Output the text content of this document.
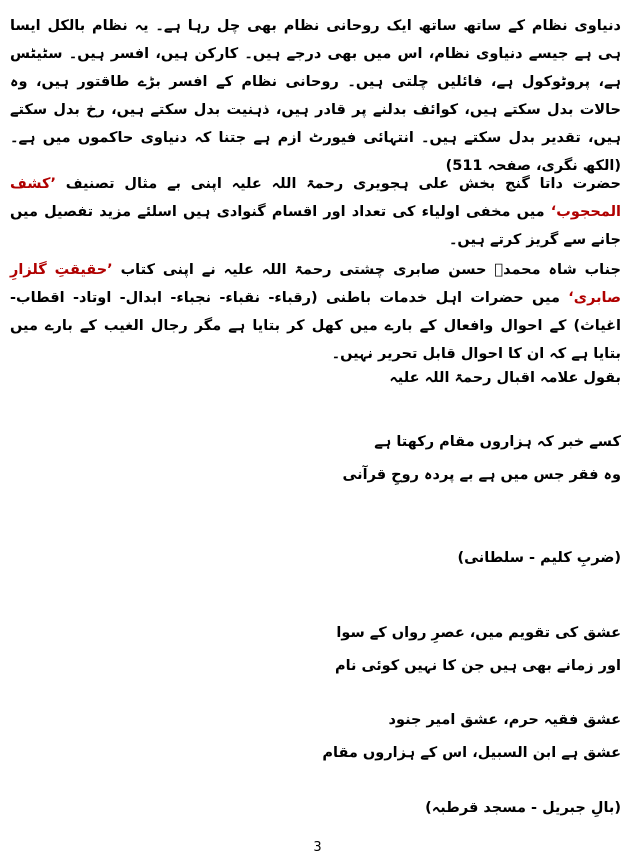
دنیاوی نظام کے ساتھ ساتھ ایک روحانی نظام بھی چل رہا ہے۔ یہ نظام بالکل ایسا ہی ہے جیسے دنیاوی نظام، اس میں بھی درجے ہیں۔ کارکن ہیں، افسر ہیں۔ سٹیٹس ہے، پروٹوکول ہے، فائلیں چلتی ہیں۔ روحانی نظام کے افسر بڑے طاقتور ہیں، وہ حالات بدل سکتے ہیں، کوائف بدلنے پر قادر ہیں، ذہنیت بدل سکتے ہیں، رخ بدل سکتے ہیں، تقدیر بدل سکتے ہیں۔ انتہائی فیورٹ ازم ہے جتنا کہ دنیاوی حاکموں میں ہے۔ (الکھ نگری، صفحہ 511)

حضرت داتا گنج بخش علی ہجویری رحمۃ اللہ علیہ اپنی بے مثال تصنیف ’کشف المحجوب‘ میں مخفی اولیاء کی تعداد اور اقسام گنوادی ہیں اسلئے مزید تفصیل میں جانے سے گریز کرتے ہیں۔

جناب شاہ محمدؐ حسن صابری چشتی رحمۃ اللہ علیہ نے اپنی کتاب ’حقیقتِ گلزارِ صابری‘ میں حضرات اہل خدمات باطنی (رقباء- نقباء- نجباء- ابدال- اوتاد- اقطاب- اغیاث) کے احوال وافعال کے بارے میں کھل کر بتایا ہے مگر رجال الغیب کے بارے میں بتایا ہے کہ ان کا احوال قابل تحریر نہیں۔

بقول علامہ اقبال رحمۃ اللہ علیہ
کسے خبر کہ ہزاروں مقام رکھتا ہے
وہ فقر جس میں ہے بے پردہ روحِ قرآنی
(ضربِ کلیم - سلطانی)
عشق کی تقویم میں، عصرِ رواں کے سوا
اور زمانے بھی ہیں جن کا نہیں کوئی نام
عشق فقیہ حرم، عشق امیر جنود
عشق ہے ابن السبیل، اس کے ہزاروں مقام
(بالِ جبریل - مسجد قرطبہ)
3
